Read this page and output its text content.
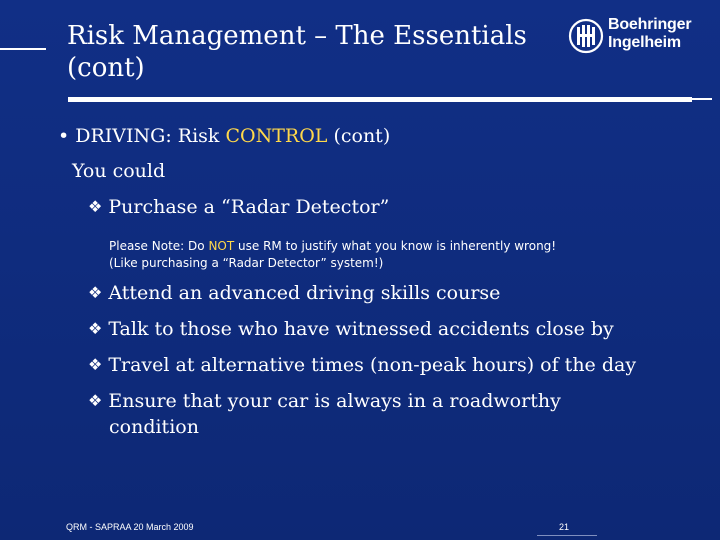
Risk Management – The Essentials
(cont)
Boehringer
Ingelheim
• DRIVING: Risk CONTROL (cont)
You could
❖ Purchase a “Radar Detector”
Please Note: Do NOT use RM to justify what you know is inherently wrong!
(Like purchasing a “Radar Detector” system!)
❖ Attend an advanced driving skills course
❖ Talk to those who have witnessed accidents close by
❖ Travel at alternative times (non-peak hours) of the day
❖ Ensure that your car is always in a roadworthy
condition
QRM - SAPRAA 20 March 2009	21
